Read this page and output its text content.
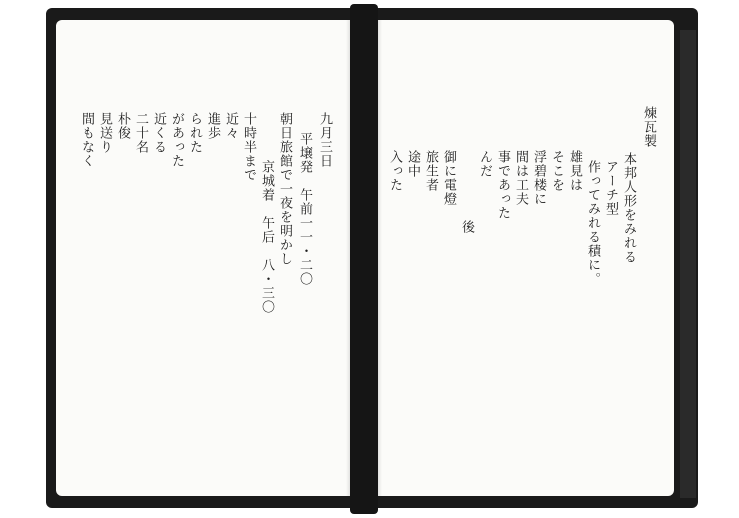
九月三日
平壌発　午前一一・二〇
朝日旅館で一夜を明かし
京城着　午后　八・三〇
十時半まで
近々
進歩
られた
があった
近くる
二十名
朴俊
見送り
間もなく	煉瓦製
本邦人形をみれる
アーチ型
作ってみれる積に。
雄見は
そこを
浮碧楼に
間は工夫
事であった
んだ
後
御に電燈
旅生者
途中
入った
